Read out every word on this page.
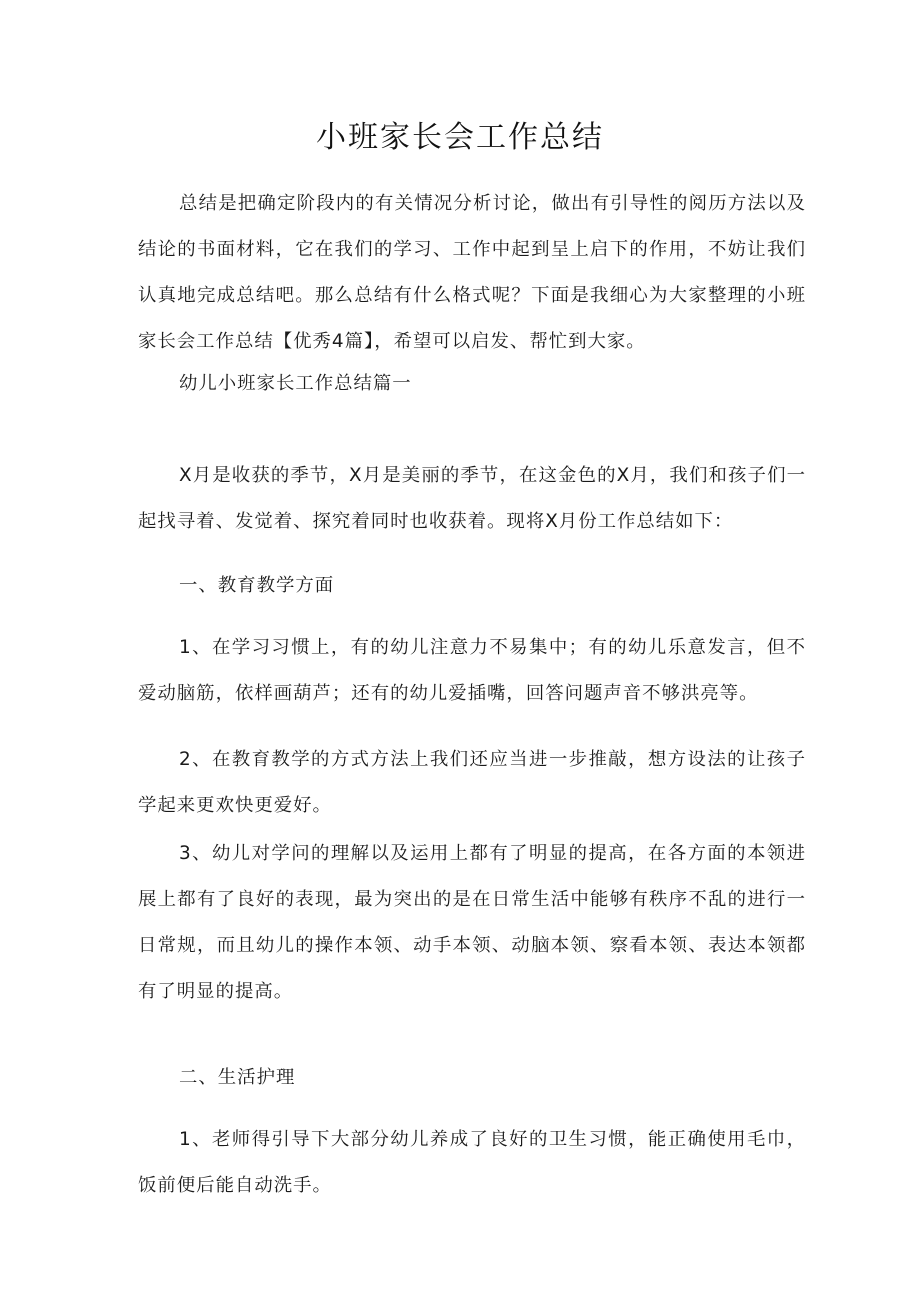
小班家长会工作总结

总结是把确定阶段内的有关情况分析讨论，做出有引导性的阅历方法以及结论的书面材料，它在我们的学习、工作中起到呈上启下的作用，不妨让我们认真地完成总结吧。那么总结有什么格式呢？下面是我细心为大家整理的小班家长会工作总结【优秀4篇】，希望可以启发、帮忙到大家。

幼儿小班家长工作总结篇一

X月是收获的季节，X月是美丽的季节，在这金色的X月，我们和孩子们一起找寻着、发觉着、探究着同时也收获着。现将X月份工作总结如下：

一、教育教学方面

1、在学习习惯上，有的幼儿注意力不易集中；有的幼儿乐意发言，但不爱动脑筋，依样画葫芦；还有的幼儿爱插嘴，回答问题声音不够洪亮等。

2、在教育教学的方式方法上我们还应当进一步推敲，想方设法的让孩子学起来更欢快更爱好。

3、幼儿对学问的理解以及运用上都有了明显的提高，在各方面的本领进展上都有了良好的表现，最为突出的是在日常生活中能够有秩序不乱的进行一日常规，而且幼儿的操作本领、动手本领、动脑本领、察看本领、表达本领都有了明显的提高。

二、生活护理

1、老师得引导下大部分幼儿养成了良好的卫生习惯，能正确使用毛巾，饭前便后能自动洗手。
